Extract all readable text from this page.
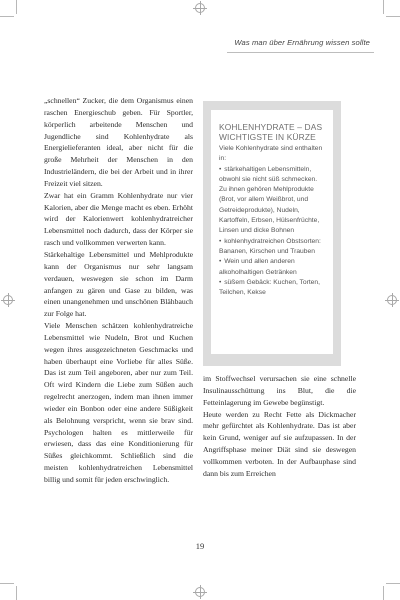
Was man über Ernährung wissen sollte

„schnellen“ Zucker, die dem Organismus einen raschen Energieschub geben. Für Sportler, körperlich arbeitende Menschen und Jugendliche sind Kohlenhydrate als Energielieferanten ideal, aber nicht für die große Mehrheit der Menschen in den Industrieländern, die bei der Arbeit und in ihrer Freizeit viel sitzen.

Zwar hat ein Gramm Kohlenhydrate nur vier Kalorien, aber die Menge macht es eben. Erhöht wird der Kalorienwert kohlenhydratreicher Lebensmittel noch dadurch, dass der Körper sie rasch und vollkommen verwerten kann.

Stärkehaltige Lebensmittel und Mehlprodukte kann der Organismus nur sehr langsam verdauen, weswegen sie schon im Darm anfangen zu gären und Gase zu bilden, was einen unangenehmen und unschönen Blähbauch zur Folge hat.

Viele Menschen schätzen kohlenhydratreiche Lebensmittel wie Nudeln, Brot und Kuchen wegen ihres ausgezeichneten Geschmacks und haben überhaupt eine Vorliebe für alles Süße. Das ist zum Teil angeboren, aber nur zum Teil. Oft wird Kindern die Liebe zum Süßen auch regelrecht anerzogen, indem man ihnen immer wieder ein Bonbon oder eine andere Süßigkeit als Belohnung verspricht, wenn sie brav sind. Psychologen halten es mittlerweile für erwiesen, dass das eine Konditionierung für Süßes gleichkommt. Schließlich sind die meisten kohlenhydratreichen Lebensmittel billig und somit für jeden erschwinglich.

KOHLENHYDRATE – DAS WICHTIGSTE IN KÜRZE

Viele Kohlenhydrate sind enthalten in:

• stärkehaltigen Lebensmitteln, obwohl sie nicht süß schmecken. Zu ihnen gehören Mehlprodukte (Brot, vor allem Weißbrot, und Getreideprodukte), Nudeln, Kartoffeln, Erbsen, Hülsenfrüchte, Linsen und dicke Bohnen
• kohlenhydratreichen Obstsorten: Bananen, Kirschen und Trauben
• Wein und allen anderen alkoholhaltigen Getränken
• süßem Gebäck: Kuchen, Torten, Teilchen, Kekse

im Stoffwechsel verursachen sie eine schnelle Insulinausschüttung ins Blut, die die Fetteinlagerung im Gewebe begünstigt.

Heute werden zu Recht Fette als Dickmacher mehr gefürchtet als Kohlenhydrate. Das ist aber kein Grund, weniger auf sie aufzupassen. In der Angriffsphase meiner Diät sind sie deswegen vollkommen verboten. In der Aufbauphase sind dann bis zum Erreichen

19
